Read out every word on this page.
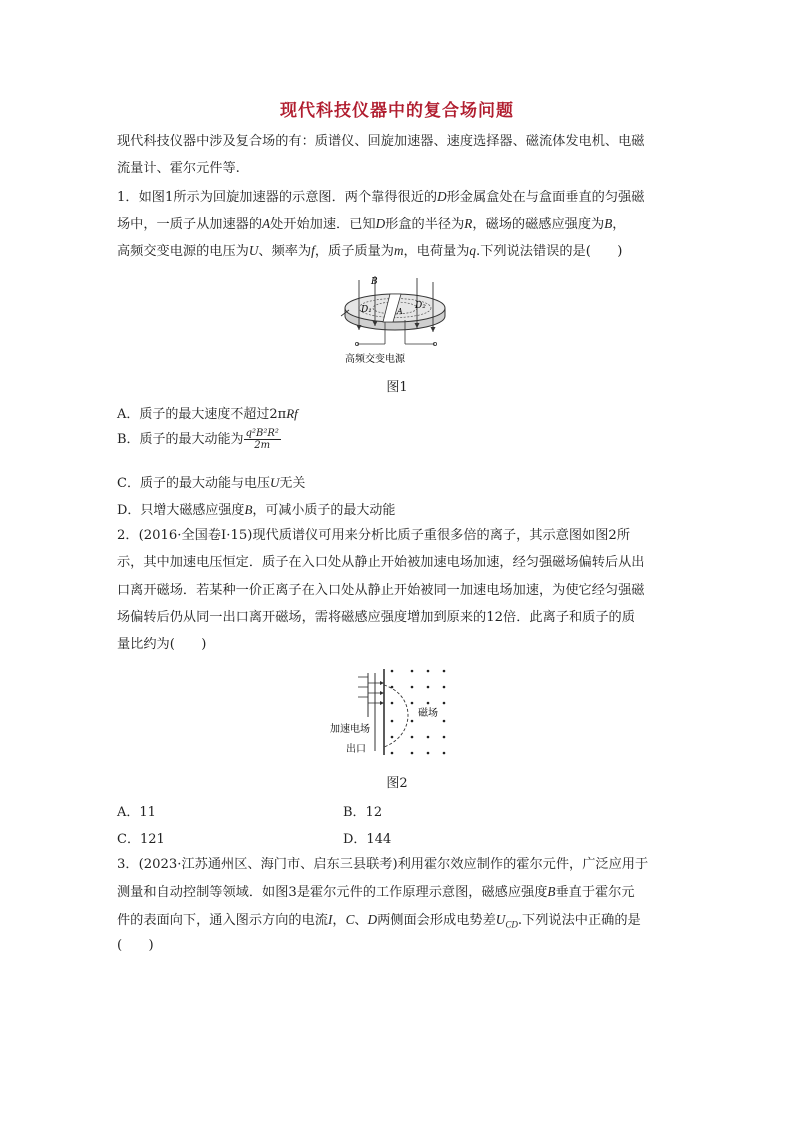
现代科技仪器中的复合场问题
现代科技仪器中涉及复合场的有：质谱仪、回旋加速器、速度选择器、磁流体发电机、电磁
流量计、霍尔元件等.
1．如图1所示为回旋加速器的示意图．两个靠得很近的D形金属盒处在与盒面垂直的匀强磁
场中，一质子从加速器的A处开始加速．已知D形盒的半径为R，磁场的磁感应强度为B，
高频交变电源的电压为U、频率为f，质子质量为m，电荷量为q.下列说法错误的是(　　)
B
D₁	D₂
A
高频交变电源
图1
A．质子的最大速度不超过2πRf
B．质子的最大动能为 $\frac{\text{q²B²R²}}{2m}$
C．质子的最大动能与电压U无关
D．只增大磁感应强度B，可减小质子的最大动能
2．(2016·全国卷Ⅰ·15)现代质谱仪可用来分析比质子重很多倍的离子，其示意图如图2所
示，其中加速电压恒定．质子在入口处从静止开始被加速电场加速，经匀强磁场偏转后从出
口离开磁场．若某种一价正离子在入口处从静止开始被同一加速电场加速，为使它经匀强磁
场偏转后仍从同一出口离开磁场，需将磁感应强度增加到原来的12倍．此离子和质子的质
量比约为(　　)
磁场
加速电场
出口
图2
A．11	B．12
C．121	D．144
3．(2023·江苏通州区、海门市、启东三县联考)利用霍尔效应制作的霍尔元件，广泛应用于
测量和自动控制等领域．如图3是霍尔元件的工作原理示意图，磁感应强度B垂直于霍尔元
件的表面向下，通入图示方向的电流I，C、D两侧面会形成电势差$U_{CD}$.下列说法中正确的是
(　　)
